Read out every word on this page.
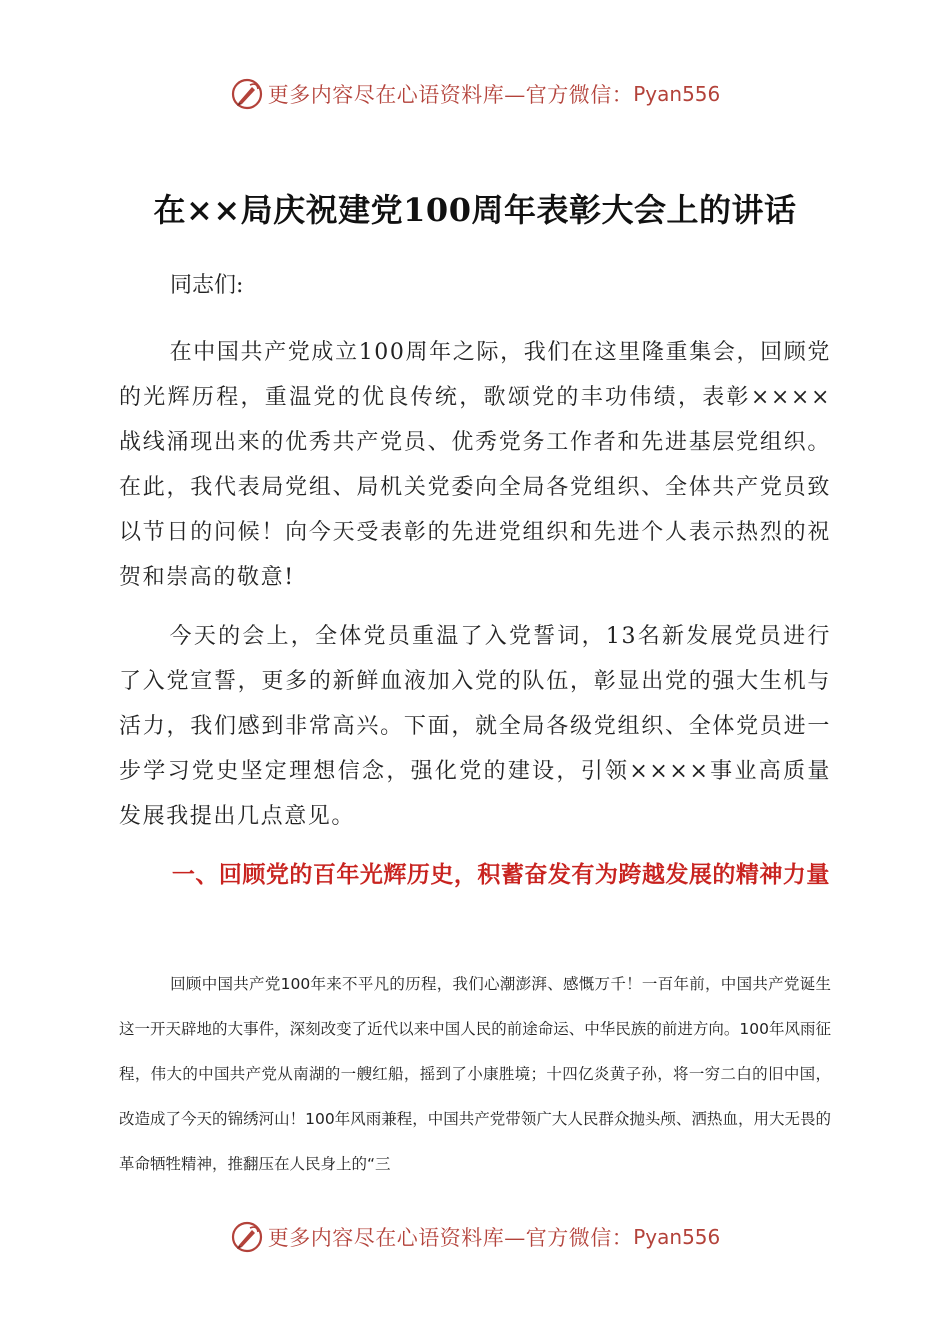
更多内容尽在心语资料库—官方微信： Pyan556
在××局庆祝建党100周年表彰大会上的讲话
同志们:

在中国共产党成立100周年之际，我们在这里隆重集会，回顾党的光辉历程，重温党的优良传统，歌颂党的丰功伟绩，表彰××××战线涌现出来的优秀共产党员、优秀党务工作者和先进基层党组织。在此，我代表局党组、局机关党委向全局各党组织、全体共产党员致以节日的问候！向今天受表彰的先进党组织和先进个人表示热烈的祝贺和崇高的敬意!

今天的会上，全体党员重温了入党誓词，13名新发展党员进行了入党宣誓，更多的新鲜血液加入党的队伍，彰显出党的强大生机与活力，我们感到非常高兴。下面，就全局各级党组织、全体党员进一步学习党史坚定理想信念，强化党的建设，引领××××事业高质量发展我提出几点意见。

一、回顾党的百年光辉历史，积蓄奋发有为跨越发展的精神力量

回顾中国共产党100年来不平凡的历程，我们心潮澎湃、感慨万千！一百年前，中国共产党诞生这一开天辟地的大事件，深刻改变了近代以来中国人民的前途命运、中华民族的前进方向。100年风雨征程，伟大的中国共产党从南湖的一艘红船，摇到了小康胜境；十四亿炎黄子孙，将一穷二白的旧中国，改造成了今天的锦绣河山！100年风雨兼程，中国共产党带领广大人民群众抛头颅、洒热血，用大无畏的革命牺牲精神，推翻压在人民身上的“三

更多内容尽在心语资料库—官方微信： Pyan556
